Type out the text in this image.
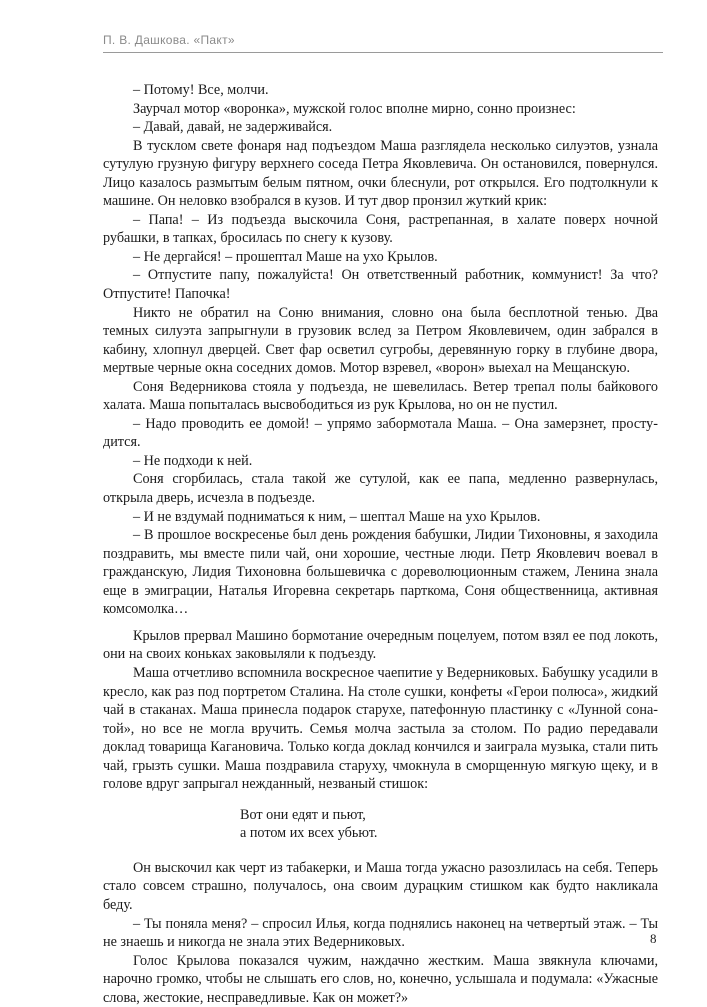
П. В. Дашкова. «Пакт»

– Потому! Все, молчи.

Заурчал мотор «воронка», мужской голос вполне мирно, сонно произнес:

– Давай, давай, не задерживайся.

В тусклом свете фонаря над подъездом Маша разглядела несколько силуэтов, узнала сутулую грузную фигуру верхнего соседа Петра Яковлевича. Он остановился, повернулся. Лицо казалось размытым белым пятном, очки блеснули, рот открылся. Его подтолкнули к машине. Он неловко взобрался в кузов. И тут двор пронзил жуткий крик:

– Папа! – Из подъезда выскочила Соня, растрепанная, в халате поверх ночной рубашки, в тапках, бросилась по снегу к кузову.

– Не дергайся! – прошептал Маше на ухо Крылов.

– Отпустите папу, пожалуйста! Он ответственный работник, коммунист! За что? Отпустите! Папочка!

Никто не обратил на Соню внимания, словно она была бесплотной тенью. Два темных силуэта запрыгнули в грузовик вслед за Петром Яковлевичем, один забрался в кабину, хлопнул дверцей. Свет фар осветил сугробы, деревянную горку в глубине двора, мертвые черные окна соседних домов. Мотор взревел, «ворон» выехал на Мещанскую.

Соня Ведерникова стояла у подъезда, не шевелилась. Ветер трепал полы байкового халата. Маша попыталась высвободиться из рук Крылова, но он не пустил.

– Надо проводить ее домой! – упрямо забормотала Маша. – Она замерзнет, простудится.

– Не подходи к ней.

Соня сгорбилась, стала такой же сутулой, как ее папа, медленно развернулась, открыла дверь, исчезла в подъезде.

– И не вздумай подниматься к ним, – шептал Маше на ухо Крылов.

– В прошлое воскресенье был день рождения бабушки, Лидии Тихоновны, я заходила поздравить, мы вместе пили чай, они хорошие, честные люди. Петр Яковлевич воевал в гражданскую, Лидия Тихоновна большевичка с дореволюционным стажем, Ленина знала еще в эмиграции, Наталья Игоревна секретарь парткома, Соня общественница, активная комсомолка…

Крылов прервал Машино бормотание очередным поцелуем, потом взял ее под локоть, они на своих коньках заковыляли к подъезду.

Маша отчетливо вспомнила воскресное чаепитие у Ведерниковых. Бабушку усадили в кресло, как раз под портретом Сталина. На столе сушки, конфеты «Герои полюса», жидкий чай в стаканах. Маша принесла подарок старухе, патефонную пластинку с «Лунной сонатой», но все не могла вручить. Семья молча застыла за столом. По радио передавали доклад товарища Кагановича. Только когда доклад кончился и заиграла музыка, стали пить чай, грызть сушки. Маша поздравила старуху, чмокнула в сморщенную мягкую щеку, и в голове вдруг запрыгал нежданный, незваный стишок:

Вот они едят и пьют,
а потом их всех убьют.

Он выскочил как черт из табакерки, и Маша тогда ужасно разозлилась на себя. Теперь стало совсем страшно, получалось, она своим дурацким стишком как будто накликала беду.

– Ты поняла меня? – спросил Илья, когда поднялись наконец на четвертый этаж. – Ты не знаешь и никогда не знала этих Ведерниковых.

Голос Крылова показался чужим, наждачно жестким. Маша звякнула ключами, нарочно громко, чтобы не слышать его слов, но, конечно, услышала и подумала: «Ужасные слова, жестокие, несправедливые. Как он может?»

8
